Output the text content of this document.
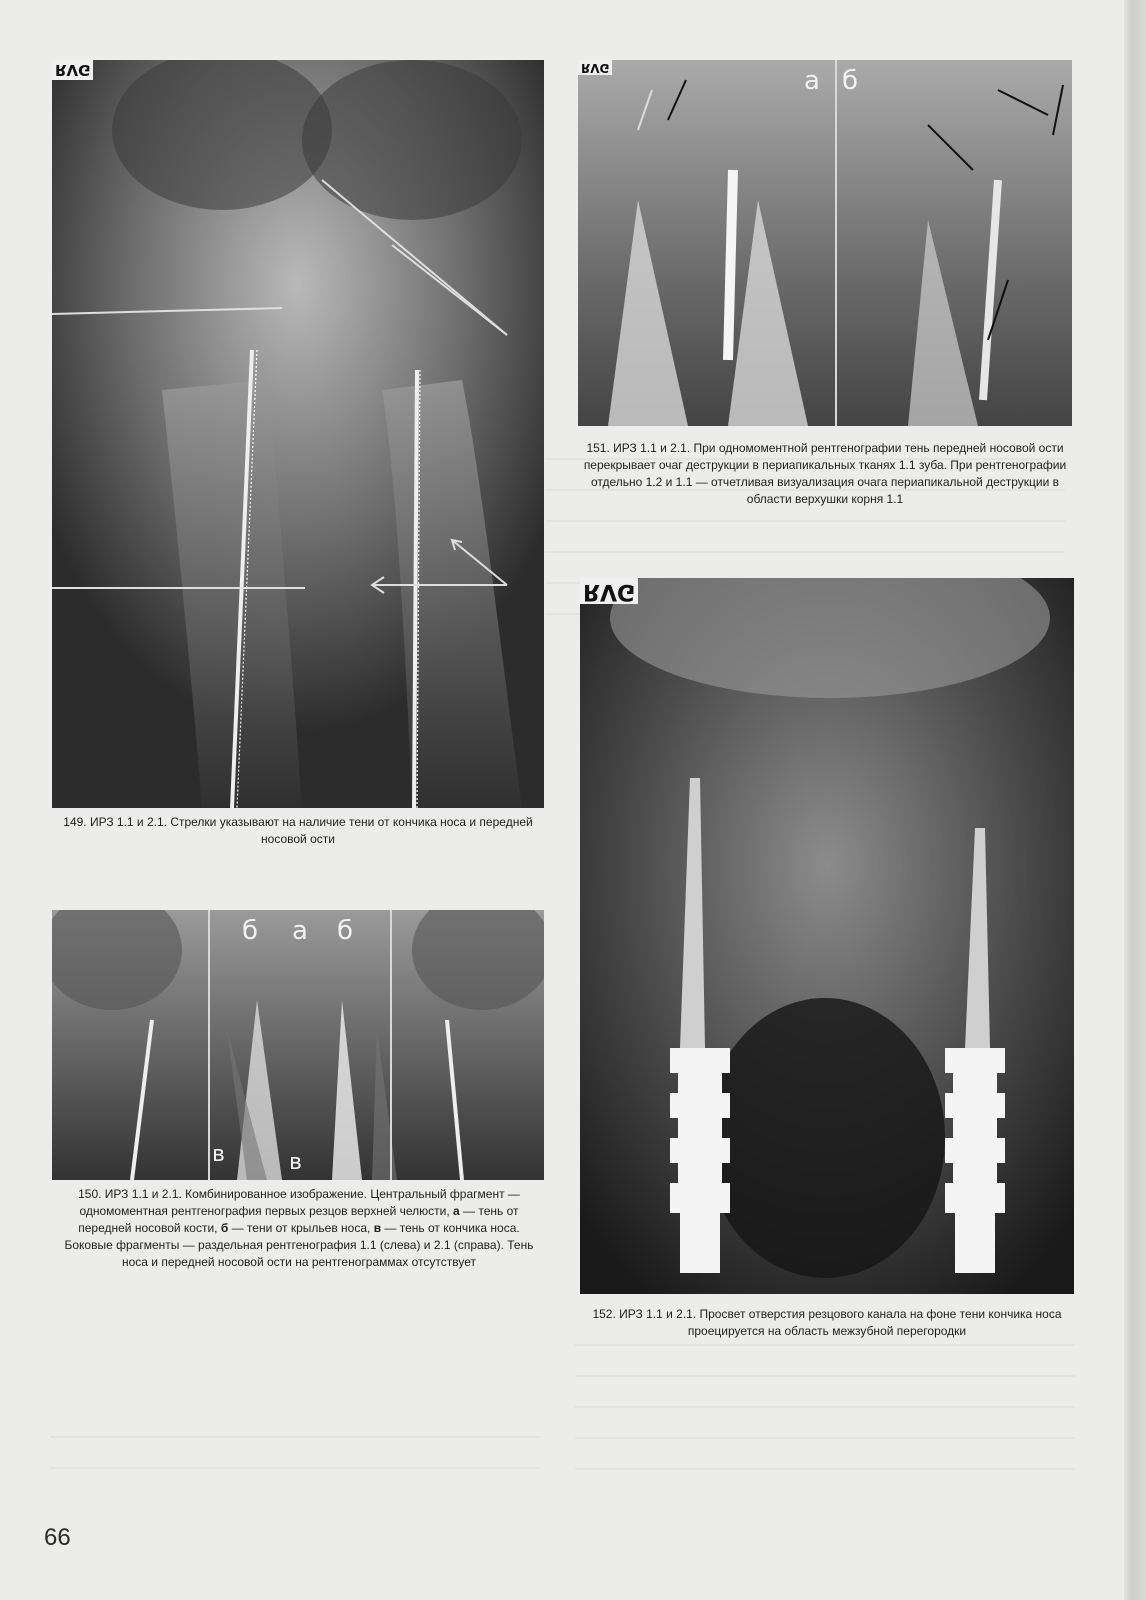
RVG

149. ИРЗ 1.1 и 2.1. Стрелки указывают на наличие тени от кончика носа и передней носовой ости

б а б
в	в

150. ИРЗ 1.1 и 2.1. Комбинированное изображение. Центральный фрагмент — одномоментная рентгенография первых резцов верхней челюсти, а — тень от передней носовой кости, б — тени от крыльев носа, в — тень от кончика носа. Боковые фрагменты — раздельная рентгенография 1.1 (слева) и 2.1 (справа). Тень носа и передней носовой ости на рентгенограммах отсутствует

RVG	а б

151. ИРЗ 1.1 и 2.1. При одномоментной рентгенографии тень передней носовой ости перекрывает очаг деструкции в периапикальных тканях 1.1 зуба. При рентгенографии отдельно 1.2 и 1.1 — отчетливая визуализация очага периапикальной деструкции в области верхушки корня 1.1

RVG

152. ИРЗ 1.1 и 2.1. Просвет отверстия резцового канала на фоне тени кончика носа проецируется на область межзубной перегородки

66
